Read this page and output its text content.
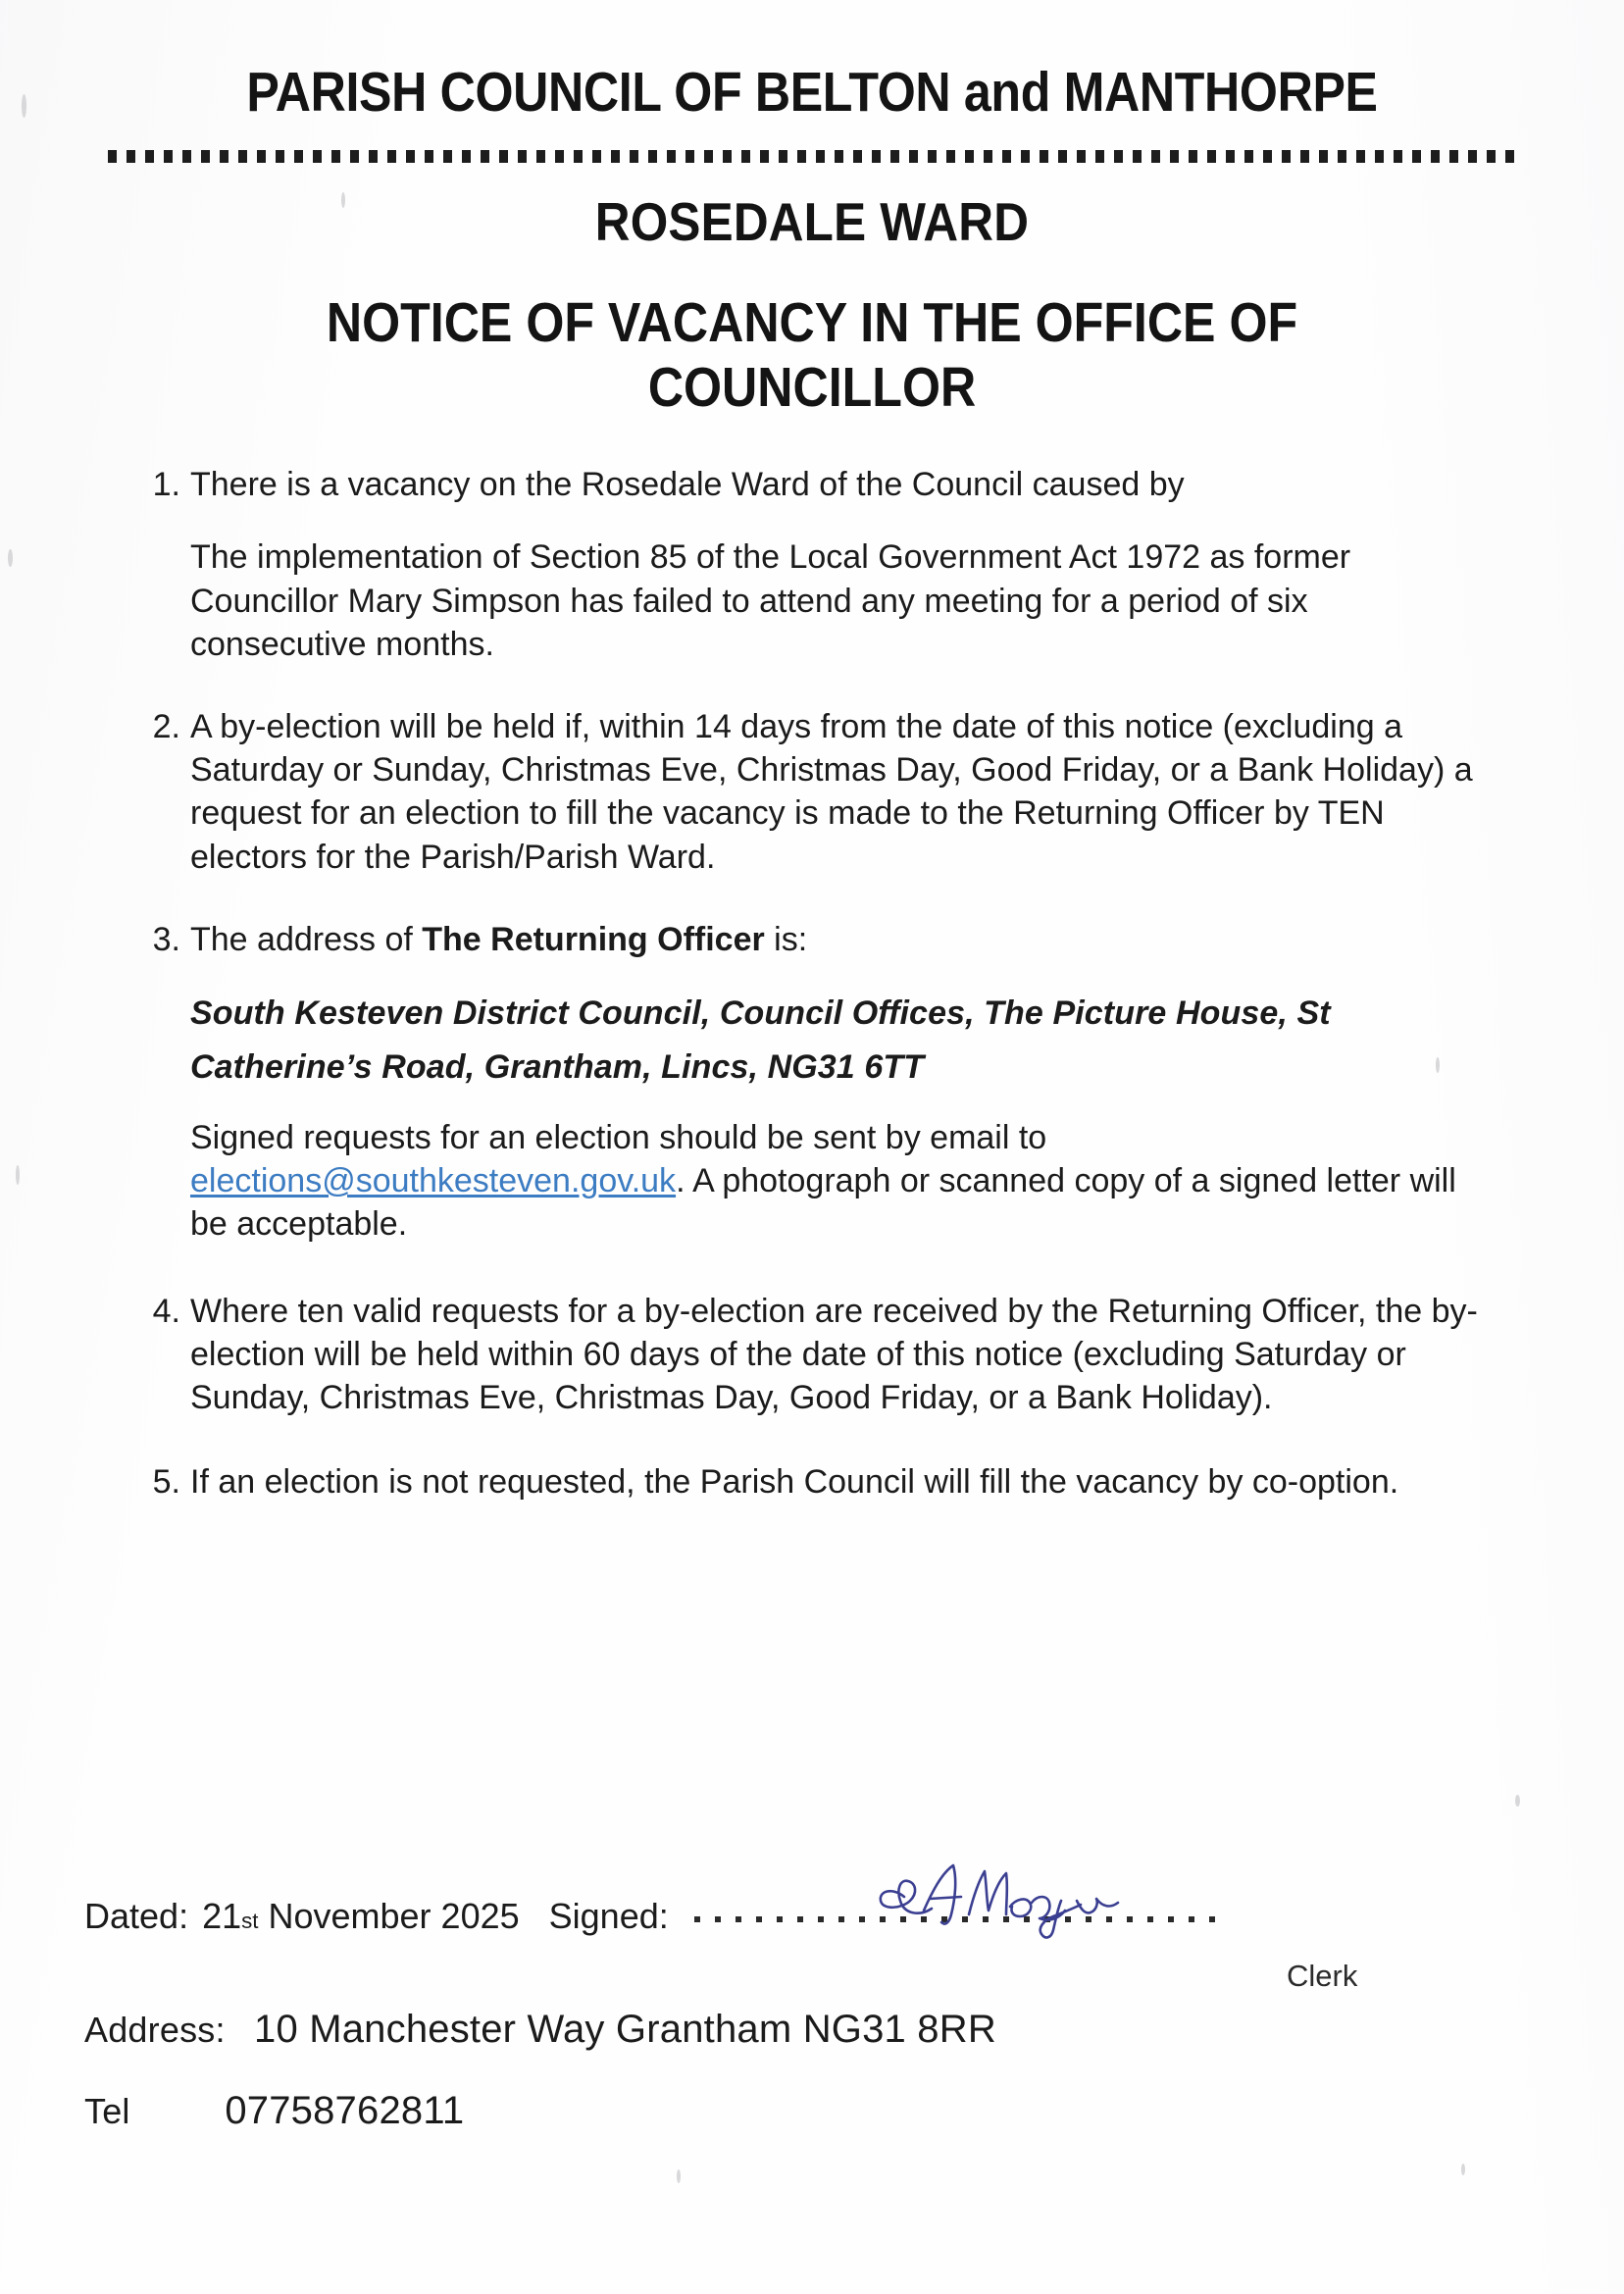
PARISH COUNCIL OF BELTON and MANTHORPE
ROSEDALE WARD
NOTICE OF VACANCY IN THE OFFICE OF COUNCILLOR
1. There is a vacancy on the Rosedale Ward of the Council caused by

The implementation of Section 85 of the Local Government Act 1972 as former Councillor Mary Simpson has failed to attend any meeting for a period of six consecutive months.

2. A by-election will be held if, within 14 days from the date of this notice (excluding a Saturday or Sunday, Christmas Eve, Christmas Day, Good Friday, or a Bank Holiday) a request for an election to fill the vacancy is made to the Returning Officer by TEN electors for the Parish/Parish Ward.

3. The address of The Returning Officer is:

South Kesteven District Council, Council Offices, The Picture House, St Catherine’s Road, Grantham, Lincs, NG31 6TT

Signed requests for an election should be sent by email to elections@southkesteven.gov.uk. A photograph or scanned copy of a signed letter will be acceptable.

4. Where ten valid requests for a by-election are received by the Returning Officer, the by-election will be held within 60 days of the date of this notice (excluding Saturday or Sunday, Christmas Eve, Christmas Day, Good Friday, or a Bank Holiday).

5. If an election is not requested, the Parish Council will fill the vacancy by co-option.

Dated: 21 st November 2025 Signed:
Clerk
Address: 10 Manchester Way Grantham NG31 8RR
Tel 07758762811
